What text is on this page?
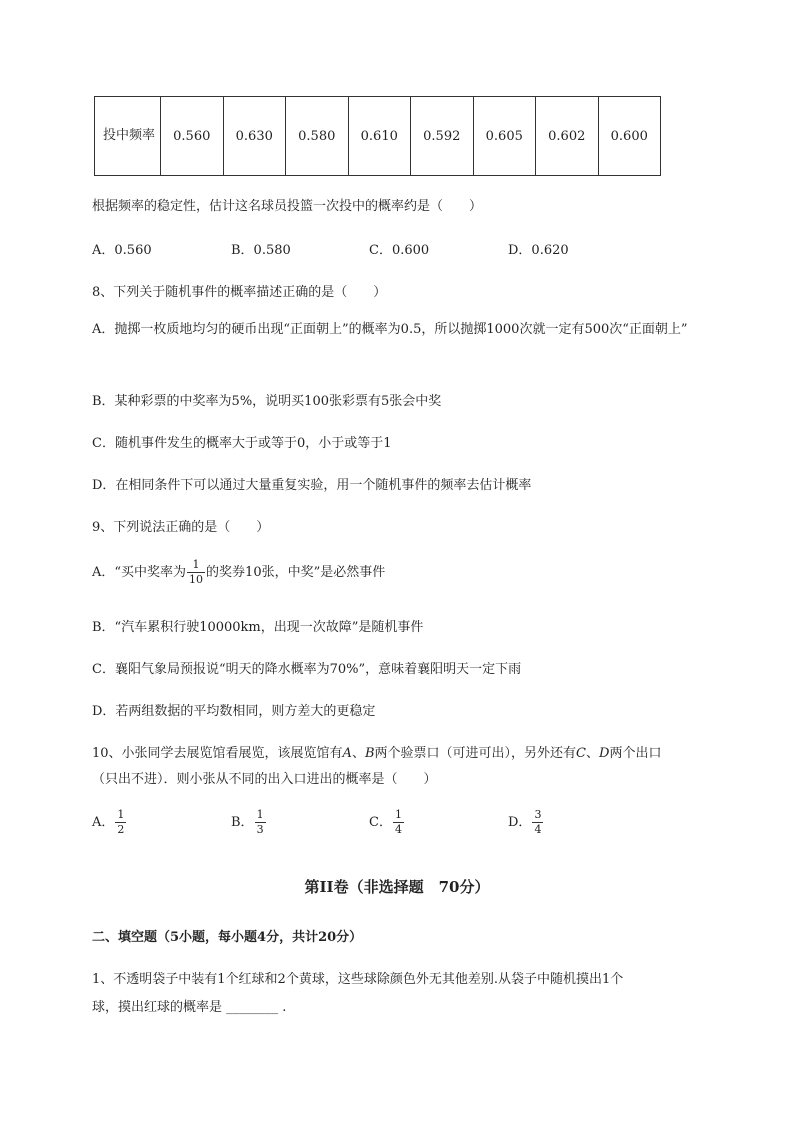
投中频率	0.560	0.630	0.580	0.610	0.592	0.605	0.602	0.600
根据频率的稳定性，估计这名球员投篮一次投中的概率约是（　　）
A．0.560	B．0.580	C．0.600	D．0.620
8、下列关于随机事件的概率描述正确的是（　　）
A．抛掷一枚质地均匀的硬币出现“正面朝上”的概率为0.5，所以抛掷1000次就一定有500次“正面朝上”
B．某种彩票的中奖率为5%，说明买100张彩票有5张会中奖
C．随机事件发生的概率大于或等于0，小于或等于1
D．在相同条件下可以通过大量重复实验，用一个随机事件的频率去估计概率
9、下列说法正确的是（　　）
A．“买中奖率为 $\frac{1}{10}$ 的奖券10张，中奖”是必然事件
B．“汽车累积行驶10000km，出现一次故障”是随机事件
C．襄阳气象局预报说“明天的降水概率为70%”，意味着襄阳明天一定下雨
D．若两组数据的平均数相同，则方差大的更稳定
10、小张同学去展览馆看展览，该展览馆有A、B两个验票口（可进可出），另外还有C、D两个出口
（只出不进）．则小张从不同的出入口进出的概率是（　　）
A． $\frac{1}{2}$	B． $\frac{1}{3}$	C． $\frac{1}{4}$	D． $\frac{3}{4}$
第II卷（非选择题　70分）
二、填空题（5小题，每小题4分，共计20分）
1、不透明袋子中装有1个红球和2个黄球，这些球除颜色外无其他差别.从袋子中随机摸出1个
球，摸出红球的概率是 ________ .
